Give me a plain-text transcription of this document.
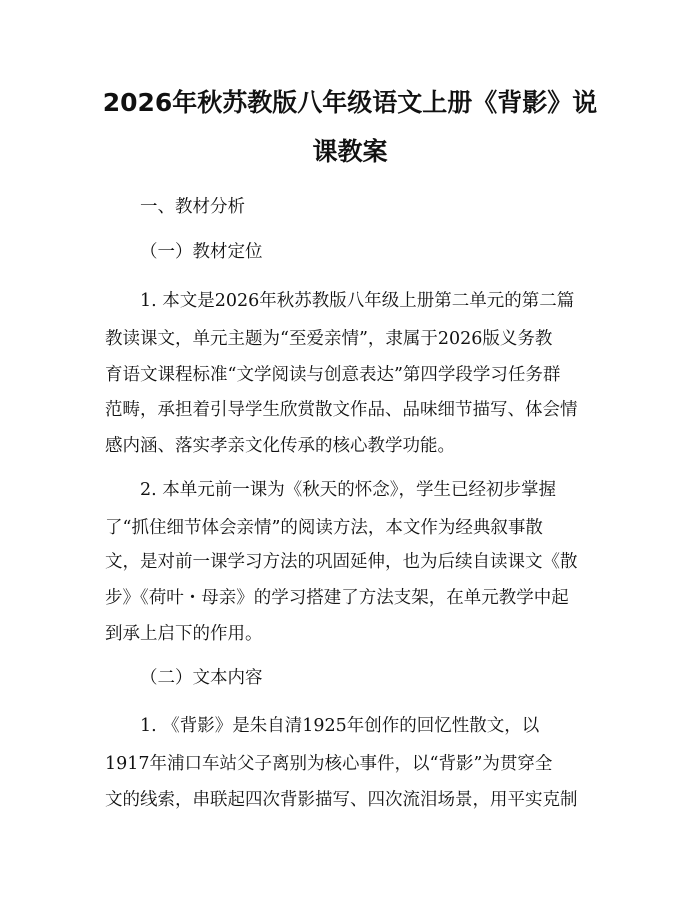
2026年秋苏教版八年级语文上册《背影》说
课教案

一、教材分析

（一）教材定位

1. 本文是2026年秋苏教版八年级上册第二单元的第二篇

教读课文，单元主题为“至爱亲情”，隶属于2026版义务教

育语文课程标准“文学阅读与创意表达”第四学段学习任务群

范畴，承担着引导学生欣赏散文作品、品味细节描写、体会情

感内涵、落实孝亲文化传承的核心教学功能。

2. 本单元前一课为《秋天的怀念》，学生已经初步掌握

了“抓住细节体会亲情”的阅读方法，本文作为经典叙事散

文，是对前一课学习方法的巩固延伸，也为后续自读课文《散

步》《荷叶・母亲》的学习搭建了方法支架，在单元教学中起

到承上启下的作用。

（二）文本内容

1. 《背影》是朱自清1925年创作的回忆性散文，以

1917年浦口车站父子离别为核心事件，以“背影”为贯穿全

文的线索，串联起四次背影描写、四次流泪场景，用平实克制
